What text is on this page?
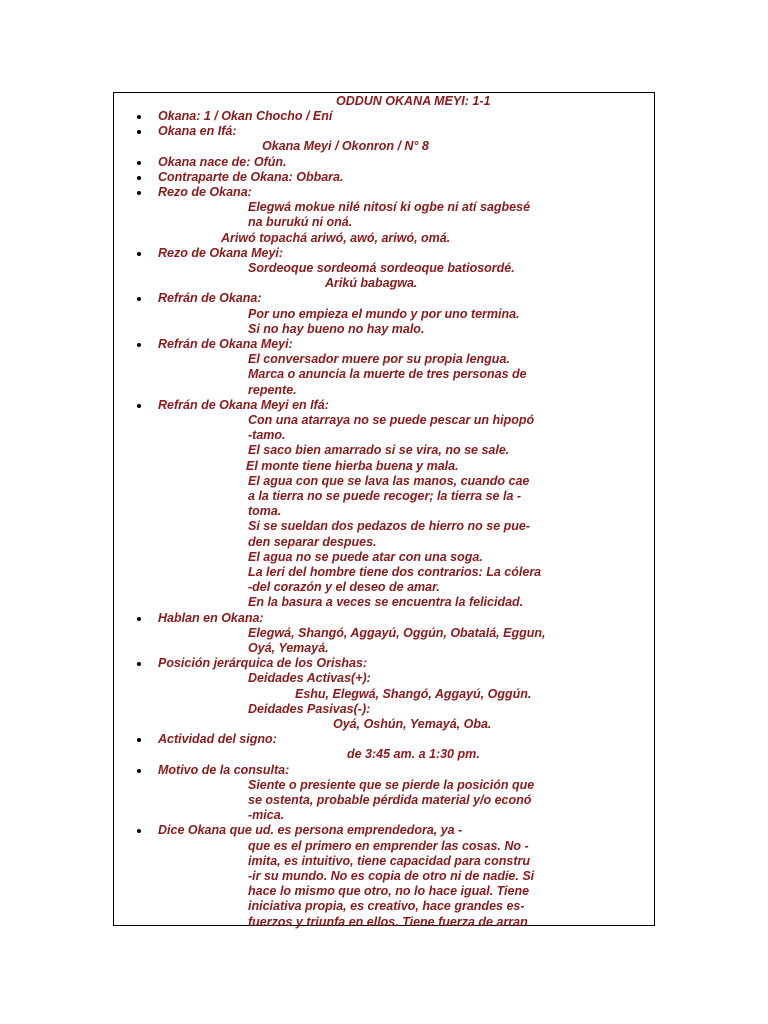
ODDUN OKANA MEYI: 1-1
Okana: 1 / Okan Chocho / Ení
Okana en Ifá:
Okana Meyi / Okonron / N° 8
Okana nace de: Ofún.
Contraparte de Okana: Obbara.
Rezo de Okana:
Elegwá mokue nilé nitosí ki ogbe ni atí sagbesé
na burukú ni oná.
Ariwó topachá ariwó, awó, ariwó, omá.
Rezo de Okana Meyi:
Sordeoque sordeomá sordeoque batiosordé.
Arikú babagwa.
Refrán de Okana:
Por uno empieza el mundo y por uno termina.
Si no hay bueno no hay malo.
Refrán de Okana Meyi:
El conversador muere por su propia lengua.
Marca o anuncia la muerte de tres personas de
repente.
Refrán de Okana Meyi en Ifá:
Con una atarraya no se puede pescar un hipopó
-tamo.
El saco bien amarrado si se vira, no se sale.
El monte tiene hierba buena y mala.
El agua con que se lava las manos, cuando cae
a la tierra no se puede recoger; la tierra se la -
toma.
Si se sueldan dos pedazos de hierro no se pue-
den separar despues.
El agua no se puede atar con una soga.
La leri del hombre tiene dos contrarios: La cólera
-del corazón y el deseo de amar.
En la basura a veces se encuentra la felicidad.
Hablan en Okana:
Elegwá, Shangó, Aggayú, Oggún, Obatalá, Eggun,
Oyá, Yemayá.
Posición jerárquica de los Orishas:
Deidades Activas(+):
Eshu, Elegwá, Shangó, Aggayú, Oggún.
Deidades Pasivas(-):
Oyá, Oshún, Yemayá, Oba.
Actividad del signo:
de 3:45 am. a 1:30 pm.
Motivo de la consulta:
Siente o presiente que se pierde la posición que
se ostenta, probable pérdida material y/o econó
-mica.
Dice Okana que ud. es persona emprendedora, ya -
que es el primero en emprender las cosas. No -
imita, es intuitivo, tiene capacidad para constru
-ir su mundo. No es copia de otro ni de nadie. Si
hace lo mismo que otro, no lo hace igual. Tiene
iniciativa propia, es creativo, hace grandes es-
fuerzos y triunfa en ellos. Tiene fuerza de arran
